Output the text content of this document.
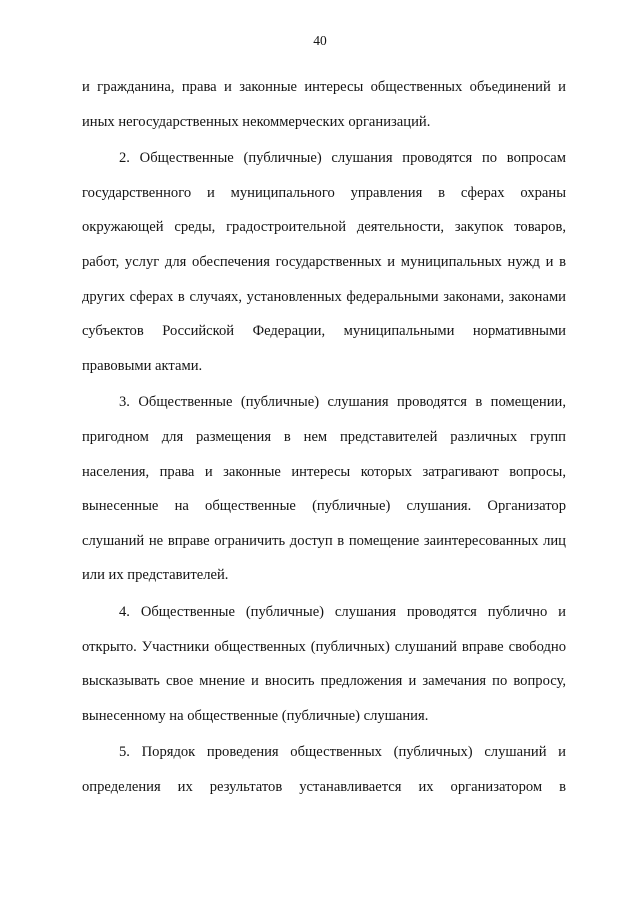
40

и гражданина, права и законные интересы общественных объединений и иных негосударственных некоммерческих организаций.

2. Общественные (публичные) слушания проводятся по вопросам государственного и муниципального управления в сферах охраны окружающей среды, градостроительной деятельности, закупок товаров, работ, услуг для обеспечения государственных и муниципальных нужд и в других сферах в случаях, установленных федеральными законами, законами субъектов Российской Федерации, муниципальными нормативными правовыми актами.

3. Общественные (публичные) слушания проводятся в помещении, пригодном для размещения в нем представителей различных групп населения, права и законные интересы которых затрагивают вопросы, вынесенные на общественные (публичные) слушания. Организатор слушаний не вправе ограничить доступ в помещение заинтересованных лиц или их представителей.

4. Общественные (публичные) слушания проводятся публично и открыто. Участники общественных (публичных) слушаний вправе свободно высказывать свое мнение и вносить предложения и замечания по вопросу, вынесенному на общественные (публичные) слушания.

5. Порядок проведения общественных (публичных) слушаний и определения их результатов устанавливается их организатором в
